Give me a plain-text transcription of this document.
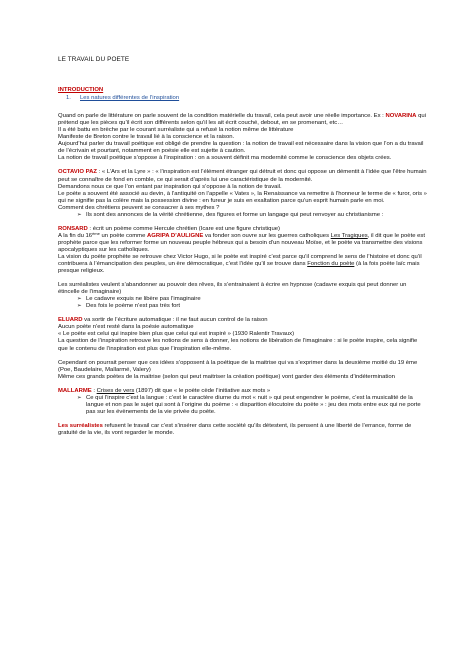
LE TRAVAIL DU POETE
INTRODUCTION
1.	Les natures différentes de l’inspiration

Quand on parle de littérature on parle souvent de la condition matérielle du travail, cela peut avoir une réelle importance. Ex : NOVARINA qui prétend que les pièces qu’il écrit son différents selon qu’il les ait écrit couché, debout, en se promenant, etc…

Il a été battu en brèche par le courant surréaliste qui a refusé la notion même de littérature

Manifeste de Breton contre le travail lié à la conscience et la raison.

Aujourd’hui parler du travail poétique est obligé de prendre la question : la notion de travail est nécessaire dans la vision que l’on a du travail de l’écrivain et pourtant, notamment en poésie elle est sujette à caution.

La notion de travail poétique s’oppose à l’inspiration : on a souvent définit ma modernité comme le conscience des objets crées.

OCTAVIO PAZ : « L’Ars et la Lyre » : « l’inspiration est l’élément étranger qui détruit et donc qui oppose un démentit à l’idée que l’être humain peut se connaître de fond en comble, ce qui serait d’après lui une caractéristique de la modernité.

Demandons nous ce que l’on entant par inspiration qui s’oppose à la notion de travail.

Le poète a souvent été associé au devin, à l’antiquité on l’appelle « Vates », la Renaissance va remettre à l’honneur le terme de « furor, oris » qui ne signifie pas la colère mais la possession divine : en fureur je suis en exaltation parce qu’un esprit humain parle en moi.

Comment des chrétiens peuvent se consacrer à ses mythes ?

➢ Ils sont des annonces de la vérité chrétienne, des figures et forme un langage qui peut renvoyer au christianisme :

RONSARD : écrit un poème comme Hercule chrétien (Icare est une figure christique)

A la fin du 16ème un poète comme AGRIPA D’AULIGNE va fonder son ouvre sur les guerres catholiques Les Tragiques, il dit que le poète est prophète parce que les reformer forme un nouveau peuple hébreux qui a besoin d’un nouveau Moïse, et le poète va transmettre des visions apocalyptiques sur les catholiques.

La vision du poète prophète se retrouve chez Victor Hugo, si le poète est inspiré c’est parce qu’il comprend le sens de l’histoire et donc qu’il contribuera à l’émancipation des peuples, un ère démocratique, c’est l’idée qu’il se trouve dans Fonction du poète (à la fois poète laïc mais presque religieux.

Les surréalistes veulent s’abandonner au pouvoir des rêves, ils s’entrainaient à écrire en hypnose (cadavre exquis qui peut donner un étincelle de l’imaginaire)

➢ Le cadavre exquis ne libère pas l’imaginaire
➢ Des fois le poème n’est pas très fort

ELUARD va sortir de l’écriture automatique : il ne faut aucun control de la raison

Aucun poète n’est resté dans la poésie automatique

« Le poète est celui qui inspire bien plus que celui qui est inspiré » (1930 Ralentir Travaux)

La question de l’inspiration retrouve les notions de sens à donner, les notions de libération de l’imaginaire : si le poète inspire, cela signifie que le contenu de l’inspiration est plus que l’inspiration elle-même.

Cependant on pourrait penser que ces idées s’opposent à la poétique de la maitrise qui va s’exprimer dans la deuxième moitié du 19 ème (Poe, Baudelaire, Mallarmé, Valery)

Même ces grands poètes de la maitrise (selon qui peut maitriser la création poétique) vont garder des éléments d’indétermination

MALLARME : Crises de vers (1897) dit que « le poète cède l’initiative aux mots »

➢ Ce qui l’inspire c’est la langue : c’est le caractère diurne du mot « nuit » qui peut engendrer le poème, c’est la musicalité de la langue et non pas le sujet qui sont à l’origine du poème : « disparition élocutoire du poète » : jeu des mots entre eux qui ne porte pas sur les évènements de la vie privée du poète.

Les surréalistes refusent le travail car c’est s’insérer dans cette société qu’ils détestent, ils pensent à une liberté de l’errance, forme de gratuité de la vie, ils vont regarder le monde.
